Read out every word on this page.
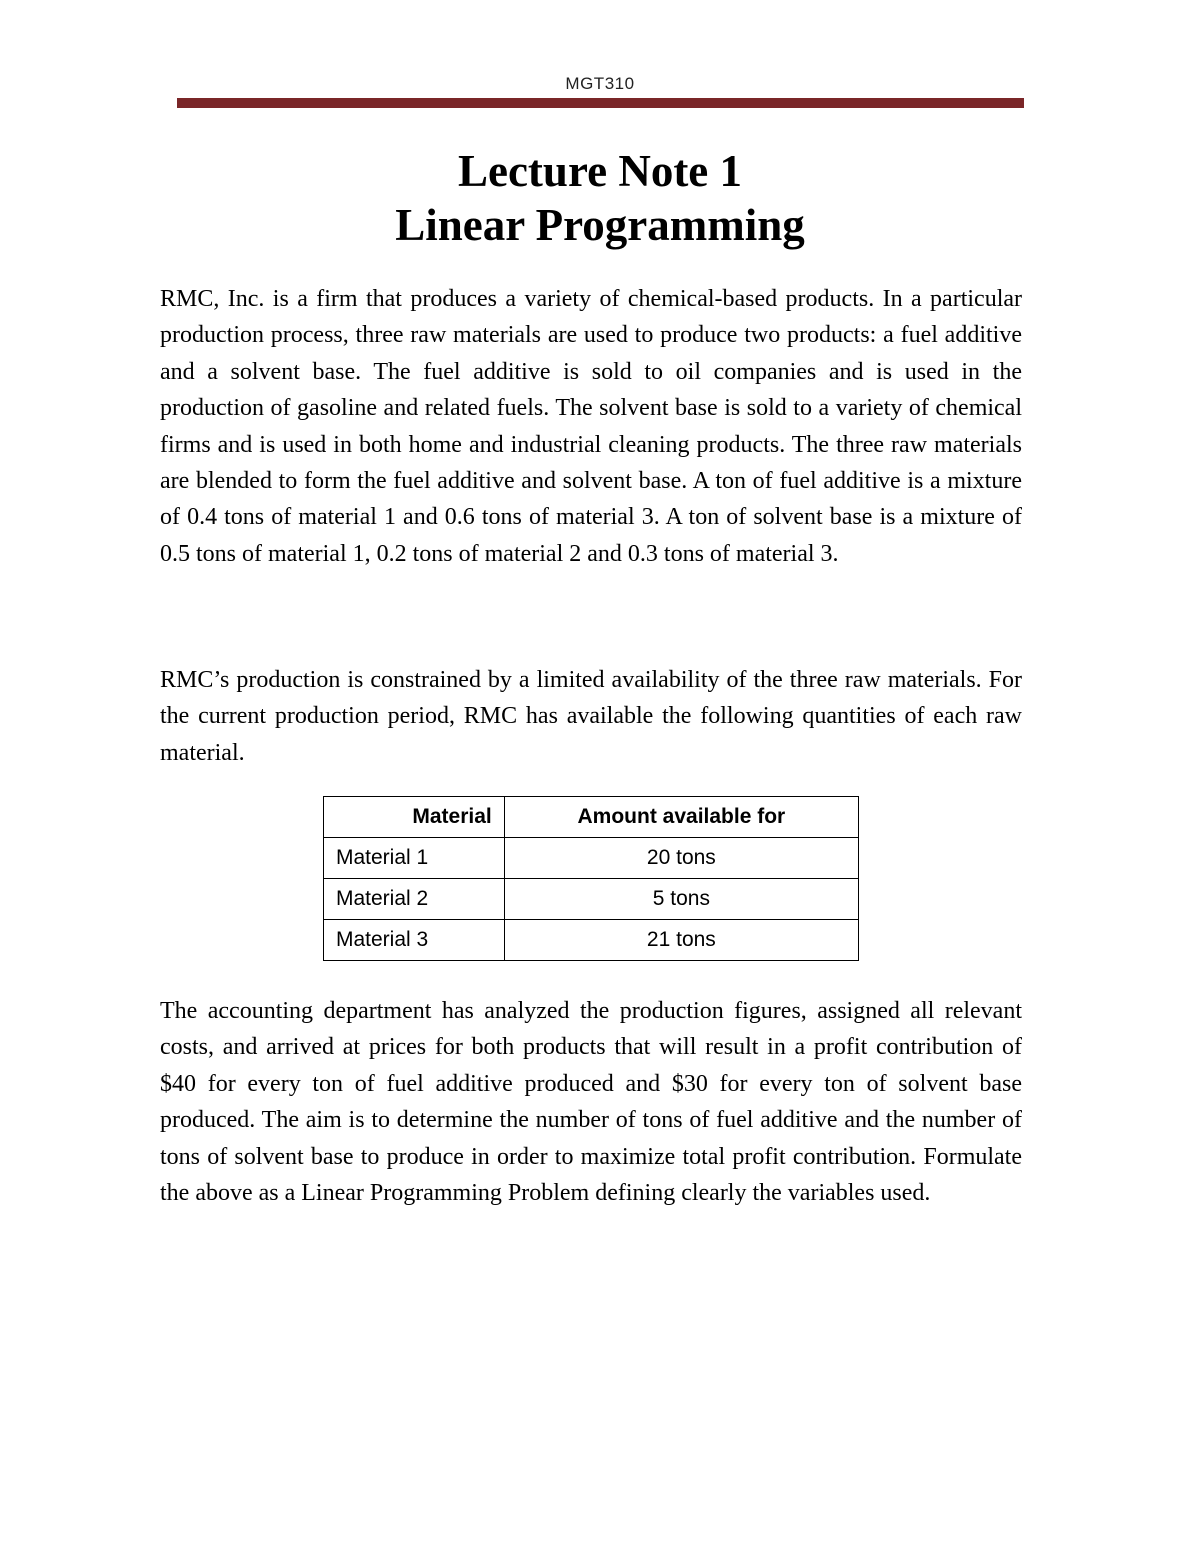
MGT310
Lecture Note 1
Linear Programming

RMC, Inc. is a firm that produces a variety of chemical-based products. In a particular production process, three raw materials are used to produce two products: a fuel additive and a solvent base. The fuel additive is sold to oil companies and is used in the production of gasoline and related fuels. The solvent base is sold to a variety of chemical firms and is used in both home and industrial cleaning products. The three raw materials are blended to form the fuel additive and solvent base. A ton of fuel additive is a mixture of 0.4 tons of material 1 and 0.6 tons of material 3. A ton of solvent base is a mixture of 0.5 tons of material 1, 0.2 tons of material 2 and 0.3 tons of material 3.

RMC’s production is constrained by a limited availability of the three raw materials. For the current production period, RMC has available the following quantities of each raw material.

Material	Amount available for
Material 1	20 tons
Material 2	5 tons
Material 3	21 tons

The accounting department has analyzed the production figures, assigned all relevant costs, and arrived at prices for both products that will result in a profit contribution of $40 for every ton of fuel additive produced and $30 for every ton of solvent base produced. The aim is to determine the number of tons of fuel additive and the number of tons of solvent base to produce in order to maximize total profit contribution. Formulate the above as a Linear Programming Problem defining clearly the variables used.
